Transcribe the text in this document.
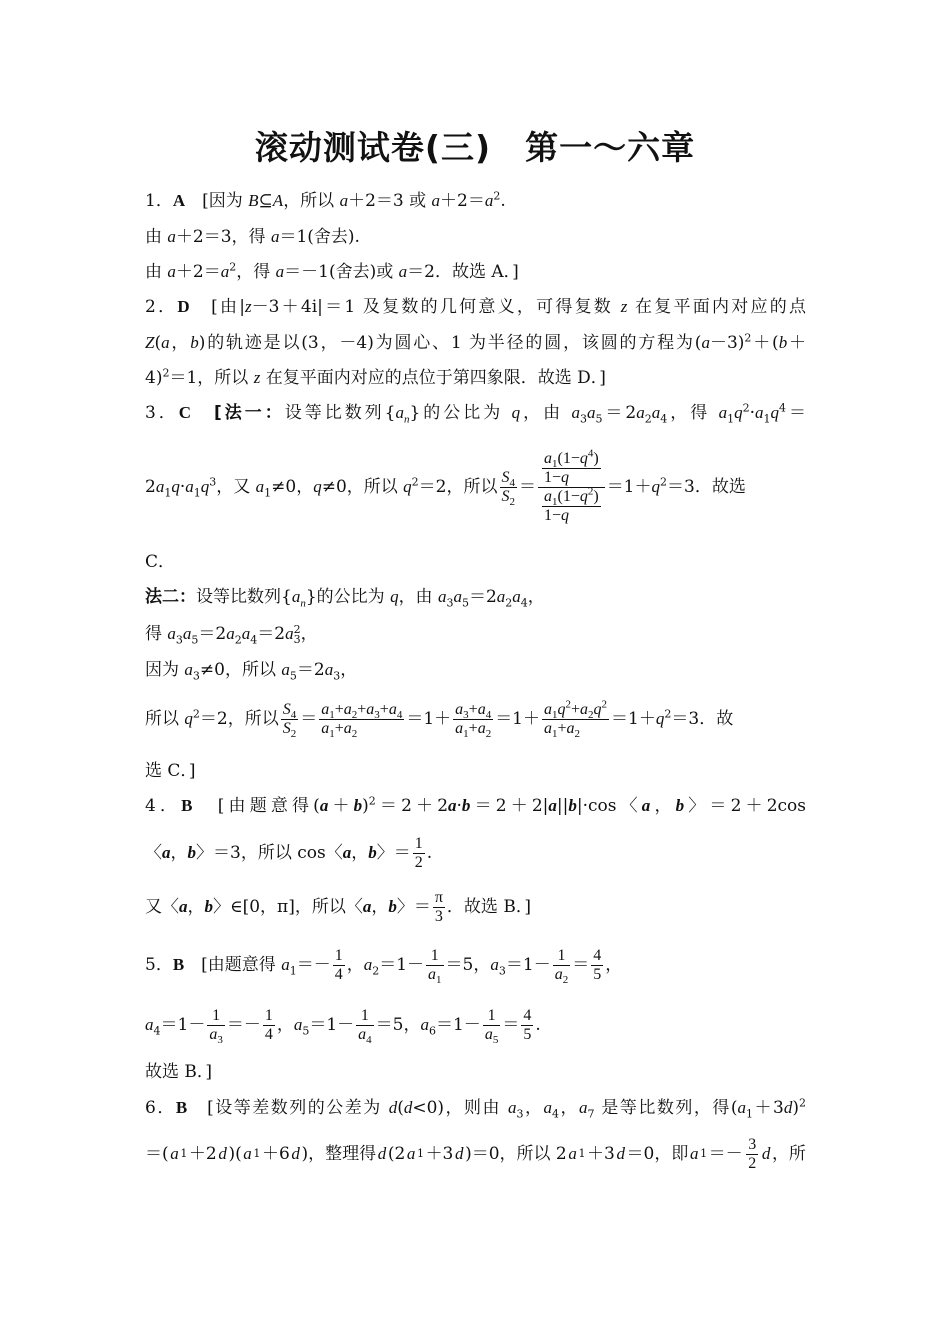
滚动测试卷(三)　第一～六章
1．A　[因为 B⊆A，所以 a＋2＝3 或 $a+2=a^2$.
由 a＋2＝3，得 a＝1(舍去).
由 $a+2=a^2$，得 a＝－1(舍去)或 a＝2．故选 A．]
2．D　[由|z－3＋4i|＝1 及复数的几何意义，可得复数 z 在复平面内对应的点
Z(a，b)的轨迹是以(3，－4)为圆心、1 为半径的圆，该圆的方程为$(a-3)^2+(b+$
4)$^2$＝1，所以 z 在复平面内对应的点位于第四象限．故选 D．]
3．C　 [法一：设等比数列$\{a_n\}$的公比为 q，由 $a_3a_5=2a_2a_4$，得 $a_1q^2\cdot a_1q^4=$
$2a_1q\cdot a_1q^3$，又 $a_1\ne 0$，q≠0，所以 $q^2=2$，所以 $\frac{S_4}{S_2} = \frac{\frac{a_1(1-q^4)}{1-q}}{\frac{a_1(1-q^2)}{1-q}} =1+q^2=3$．故选
C．
法二：设等比数列$\{a_n\}$的公比为 q，由 $a_3a_5=2a_2a_4$，
得 $a_3a_5=2a_2a_4=2a$ 2
3 ，
因为 $a_3\ne 0$，所以 $a_5=2a_3$，
所以 $q^2=2$，所以 $\frac{S_4}{S_2} = \frac{a_1+a_2+a_3+a_4}{a_1+a_2} =1+ \frac{a_3+a_4}{a_1+a_2} =1+ \frac{a_1q^2+a_2q^2}{a_1+a_2} =1+q^2=3$．故
选 C．]
4．B　[由题意得$(a+b)^2=2+2a\cdot b=2+2|a||b|\cdot\cos$〈a，b〉＝2＋2cos
〈a，b〉＝3，所以 cos〈a，b〉＝ $\frac{1}{2}$ .
又〈a，b〉∈[0，π]，所以〈a，b〉＝ $\frac{\pi}{3}$ ．故选 B．]
5．B　[由题意得 $a_1=- \frac{1}{4}$ ，$a_2=1- \frac{1}{a_1} =5$，$a_3=1- \frac{1}{a_2} = \frac{4}{5}$ ，
$a_4=1- \frac{1}{a_3} =- \frac{1}{4}$ ，$a_5=1- \frac{1}{a_4} =5$，$a_6=1- \frac{1}{a_5} = \frac{4}{5}$ .
故选 B．]
6．B　[设等差数列的公差为 d(d<0)，则由 $a_3$，$a_4$，$a_7$ 是等比数列，得$(a_1+3d)^2$
＝( a 1 ＋2 d )( a 1 ＋6 d )，整理得 d (2 a 1 ＋3 d )＝0，所以 2 a 1 ＋3 d ＝0，即 a $1 =- \frac{3}{2}$ d ，所
